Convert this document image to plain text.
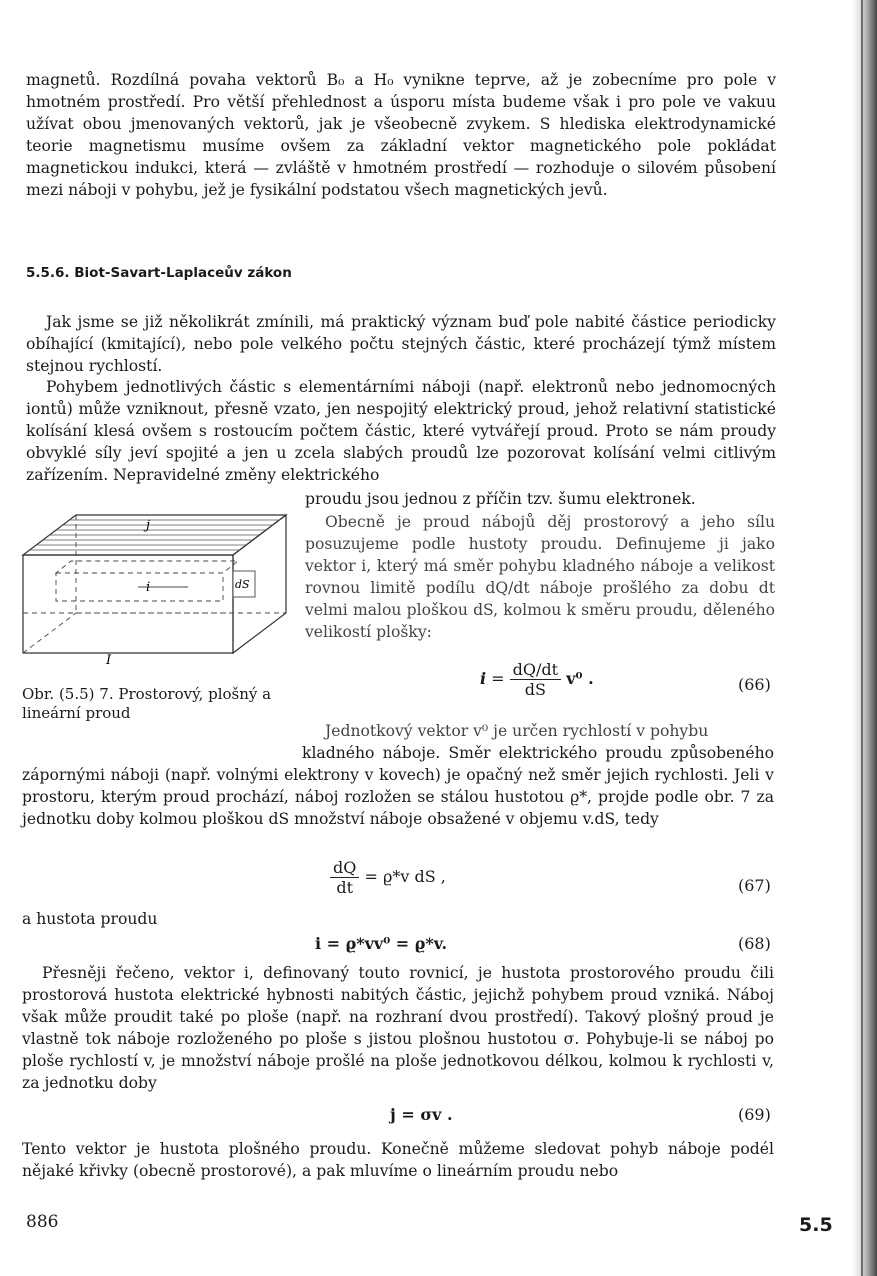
magnetů. Rozdílná povaha vektorů B₀ a H₀ vynikne teprve, až je zobecníme pro pole v hmotném prostředí. Pro větší přehlednost a úsporu místa budeme však i pro pole ve vakuu užívat obou jmenovaných vektorů, jak je všeobecně zvykem. S hlediska elektrodynamické teorie magnetismu musíme ovšem za základní vektor magnetického pole pokládat magnetickou indukci, která — zvláště v hmotném prostředí — rozhoduje o silovém působení mezi náboji v pohybu, jež je fysikální podstatou všech magnetických jevů.
5.5.6. Biot-Savart-Laplaceův zákon
Jak jsme se již několikrát zmínili, má praktický význam buď pole nabité částice periodicky obíhající (kmitající), nebo pole velkého počtu stejných částic, které procházejí týmž místem stejnou rychlostí.
Pohybem jednotlivých částic s elementárními náboji (např. elektronů nebo jednomocných iontů) může vzniknout, přesně vzato, jen nespojitý elektrický proud, jehož relativní statistické kolísání klesá ovšem s rostoucím počtem částic, které vytvářejí proud. Proto se nám proudy obvyklé síly jeví spojité a jen u zcela slabých proudů lze pozorovat kolísání velmi citlivým zařízením. Nepravidelné změny elektrického
proudu jsou jednou z příčin tzv. šumu elektronek.
Obecně je proud nábojů děj prostorový a jeho sílu posuzujeme podle hustoty proudu. Definujeme ji jako vektor i, který má směr pohybu kladného náboje a velikost rovnou limitě podílu dQ/dt náboje prošlého za dobu dt velmi malou ploškou dS, kolmou k směru proudu, děleného velikostí plošky:
j
i	dS
I
Obr. (5.5) 7. Prostorový, plošný a lineární proud
$i = \frac{dQ/dt}{dS} v^0$ .	(66)
Jednotkový vektor v⁰ je určen rychlostí v pohybu
kladného náboje. Směr elektrického proudu způsobeného zápornými náboji (např. volnými elektrony v kovech) je opačný než směr jejich rychlosti. Jeli v prostoru, kterým proud prochází, náboj rozložen se stálou hustotou ϱ*, projde podle obr. 7 za jednotku doby kolmou ploškou dS množství náboje obsažené v objemu v.dS, tedy
$\frac{dQ}{dt} = ϱ*v$ dS ,	(67)
a hustota proudu
i = ϱ*vv⁰ = ϱ*v.	(68)
Přesněji řečeno, vektor i, definovaný touto rovnicí, je hustota prostorového proudu čili prostorová hustota elektrické hybnosti nabitých částic, jejichž pohybem proud vzniká. Náboj však může proudit také po ploše (např. na rozhraní dvou prostředí). Takový plošný proud je vlastně tok náboje rozloženého po ploše s jistou plošnou hustotou σ. Pohybuje-li se náboj po ploše rychlostí v, je množství náboje prošlé na ploše jednotkovou délkou, kolmou k rychlosti v, za jednotku doby
j = σv .	(69)
Tento vektor je hustota plošného proudu. Konečně můžeme sledovat pohyb náboje podél nějaké křivky (obecně prostorové), a pak mluvíme o lineárním proudu nebo
886	5.5
